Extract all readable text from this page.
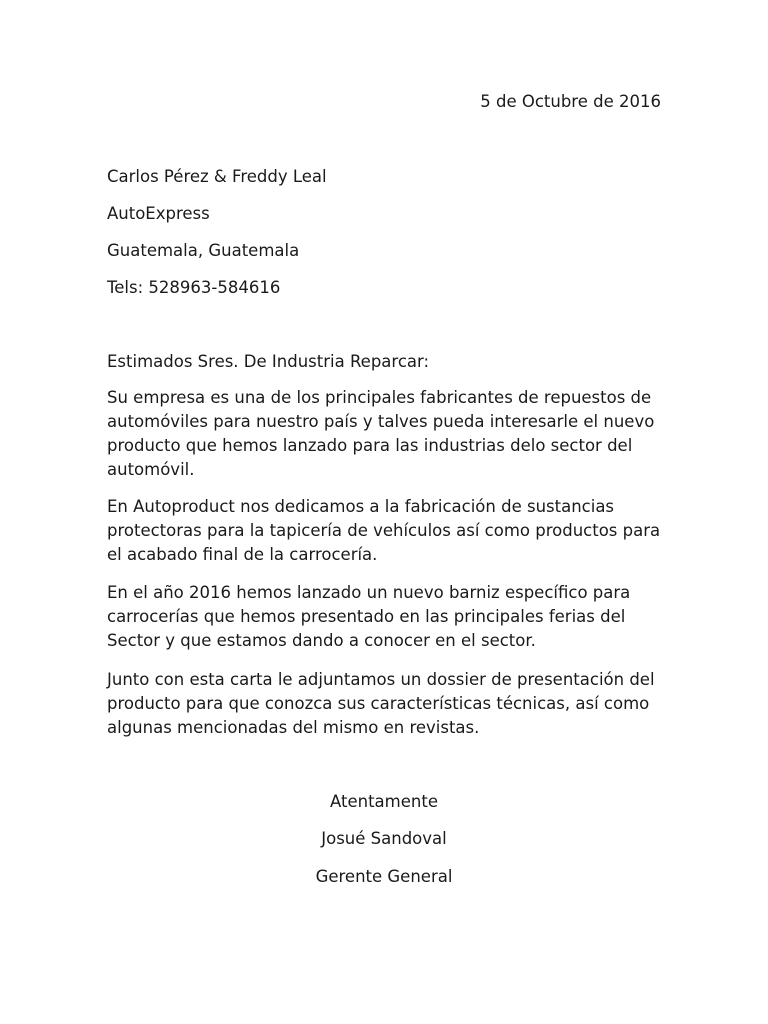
5 de Octubre de 2016
Carlos Pérez & Freddy Leal
AutoExpress
Guatemala, Guatemala
Tels: 528963-584616
Estimados Sres. De Industria Reparcar:
Su empresa es una de los principales fabricantes de repuestos de automóviles para nuestro país y talves pueda interesarle el nuevo producto que hemos lanzado para las industrias delo sector del automóvil.
En Autoproduct nos dedicamos a la fabricación de sustancias protectoras para la tapicería de vehículos así como productos para el acabado final de la carrocería.
En el año 2016 hemos lanzado un nuevo barniz específico para carrocerías que hemos presentado en las principales ferias del Sector y que estamos dando a conocer en el sector.
Junto con esta carta le adjuntamos un dossier de presentación del producto para que conozca sus características técnicas, así como algunas mencionadas del mismo en revistas.
Atentamente
Josué Sandoval
Gerente General
